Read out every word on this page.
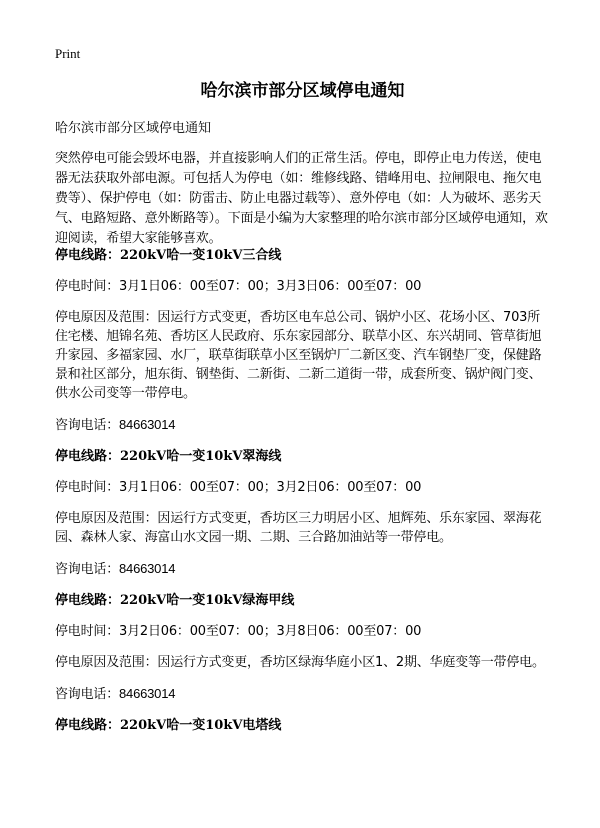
Print
哈尔滨市部分区域停电通知
哈尔滨市部分区域停电通知
突然停电可能会毁坏电器，并直接影响人们的正常生活。停电，即停止电力传送，使电器无法获取外部电源。可包括人为停电（如：维修线路、错峰用电、拉闸限电、拖欠电费等）、保护停电（如：防雷击、防止电器过载等）、意外停电（如：人为破坏、恶劣天气、电路短路、意外断路等）。下面是小编为大家整理的哈尔滨市部分区域停电通知，欢迎阅读，希望大家能够喜欢。
停电线路：220kV哈一变10kV三合线
停电时间：3月1日06：00至07：00；3月3日06：00至07：00
停电原因及范围：因运行方式变更，香坊区电车总公司、锅炉小区、花场小区、703所住宅楼、旭锦名苑、香坊区人民政府、乐东家园部分、联草小区、东兴胡同、管草街旭升家园、多福家园、水厂，联草街联草小区至锅炉厂二新区变、汽车钢垫厂变，保健路景和社区部分，旭东街、钢垫街、二新街、二新二道街一带，成套所变、锅炉阀门变、供水公司变等一带停电。
咨询电话：84663014
停电线路：220kV哈一变10kV翠海线
停电时间：3月1日06：00至07：00；3月2日06：00至07：00
停电原因及范围：因运行方式变更，香坊区三力明居小区、旭辉苑、乐东家园、翠海花园、森林人家、海富山水文园一期、二期、三合路加油站等一带停电。
咨询电话：84663014
停电线路：220kV哈一变10kV绿海甲线
停电时间：3月2日06：00至07：00；3月8日06：00至07：00
停电原因及范围：因运行方式变更，香坊区绿海华庭小区1、2期、华庭变等一带停电。
咨询电话：84663014
停电线路：220kV哈一变10kV电塔线
